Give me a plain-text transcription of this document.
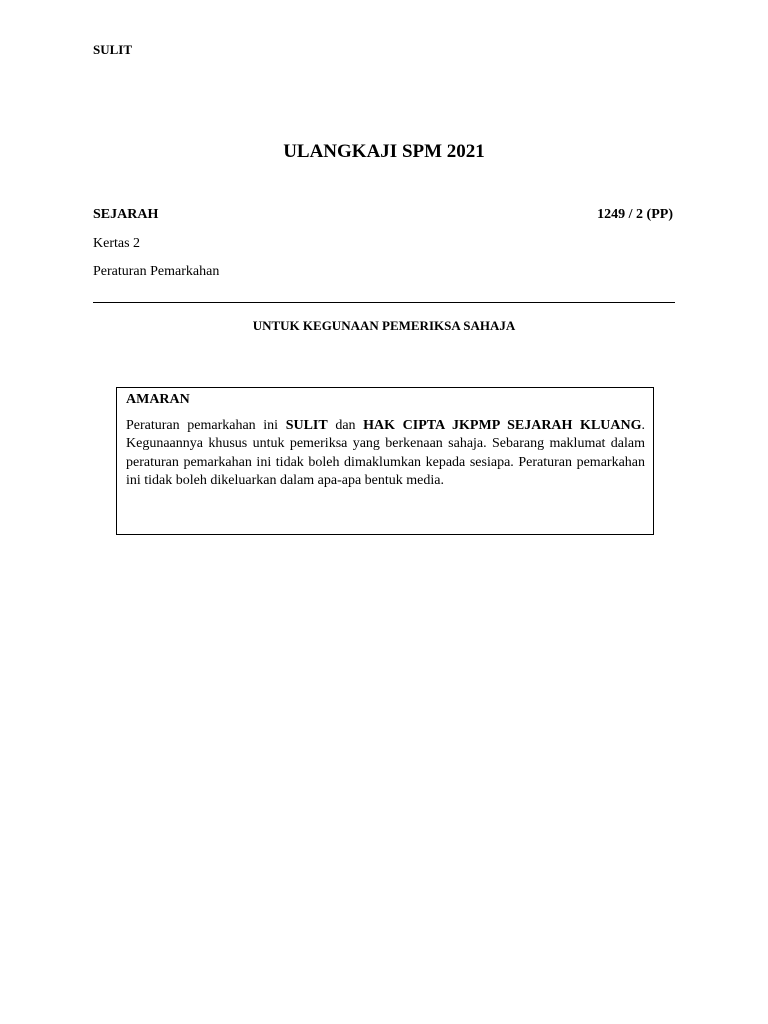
SULIT
ULANGKAJI SPM 2021
SEJARAH	1249 / 2 (PP)
Kertas 2
Peraturan Pemarkahan
UNTUK KEGUNAAN PEMERIKSA SAHAJA
AMARAN

Peraturan pemarkahan ini SULIT dan HAK CIPTA JKPMP SEJARAH KLUANG. Kegunaannya khusus untuk pemeriksa yang berkenaan sahaja. Sebarang maklumat dalam peraturan pemarkahan ini tidak boleh dimaklumkan kepada sesiapa. Peraturan pemarkahan ini tidak boleh dikeluarkan dalam apa-apa bentuk media.
